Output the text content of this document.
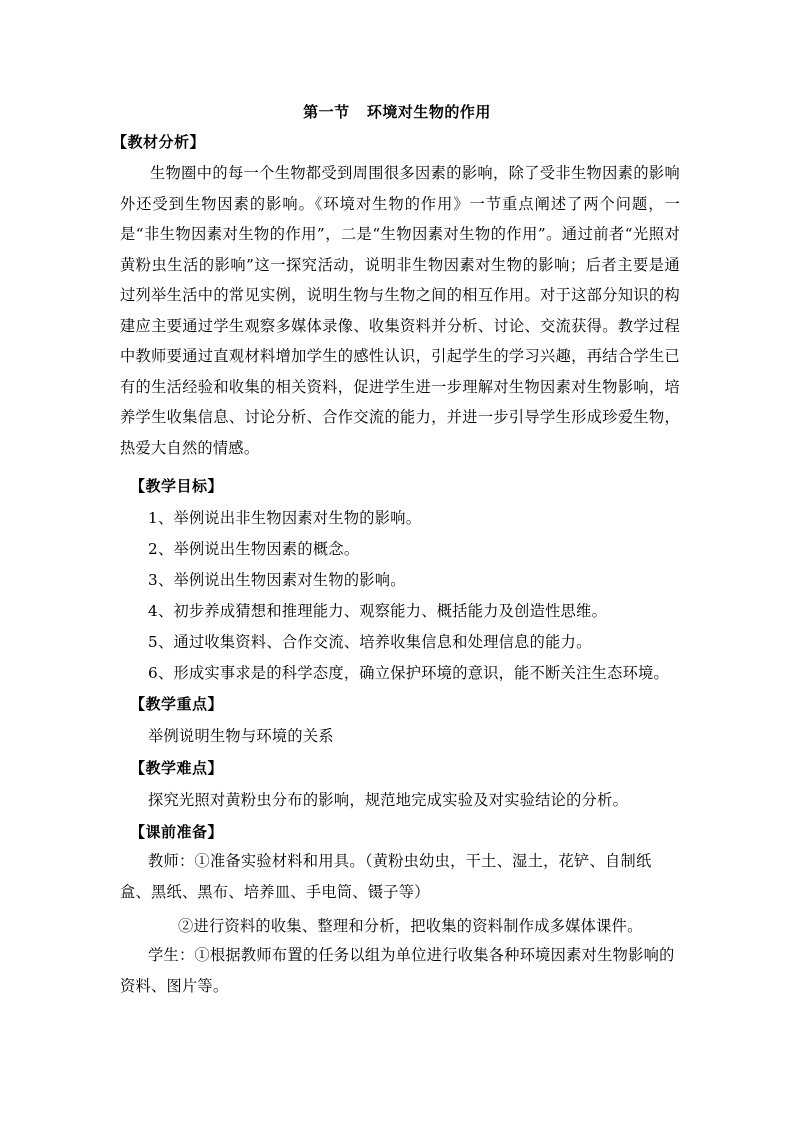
第一节   环境对生物的作用
【教材分析】
生物圈中的每一个生物都受到周围很多因素的影响，除了受非生物因素的影响外还受到生物因素的影响。《环境对生物的作用》一节重点阐述了两个问题，一是“非生物因素对生物的作用”，二是“生物因素对生物的作用”。通过前者“光照对黄粉虫生活的影响”这一探究活动，说明非生物因素对生物的影响；后者主要是通过列举生活中的常见实例，说明生物与生物之间的相互作用。对于这部分知识的构建应主要通过学生观察多媒体录像、收集资料并分析、讨论、交流获得。教学过程中教师要通过直观材料增加学生的感性认识，引起学生的学习兴趣，再结合学生已有的生活经验和收集的相关资料，促进学生进一步理解对生物因素对生物影响，培养学生收集信息、讨论分析、合作交流的能力，并进一步引导学生形成珍爱生物，热爱大自然的情感。
【教学目标】
1、举例说出非生物因素对生物的影响。
2、举例说出生物因素的概念。
3、举例说出生物因素对生物的影响。
4、初步养成猜想和推理能力、观察能力、概括能力及创造性思维。
5、通过收集资料、合作交流、培养收集信息和处理信息的能力。
6、形成实事求是的科学态度，确立保护环境的意识，能不断关注生态环境。
【教学重点】
举例说明生物与环境的关系
【教学难点】
探究光照对黄粉虫分布的影响，规范地完成实验及对实验结论的分析。
【课前准备】
教师：①准备实验材料和用具。（黄粉虫幼虫，干土、湿土，花铲、自制纸盒、黑纸、黑布、培养皿、手电筒、镊子等）
②进行资料的收集、整理和分析，把收集的资料制作成多媒体课件。
学生：①根据教师布置的任务以组为单位进行收集各种环境因素对生物影响的资料、图片等。
